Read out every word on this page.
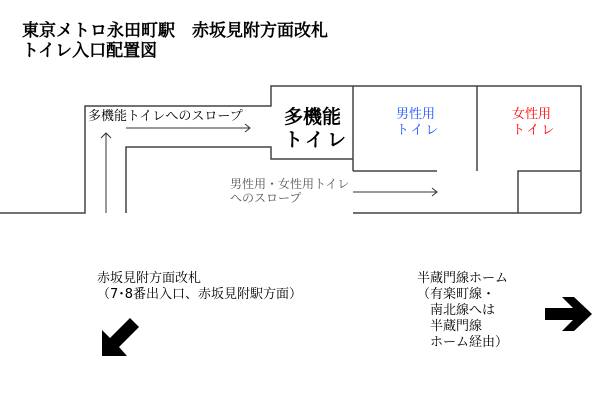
東京メトロ永田町駅　赤坂見附方面改札
トイレ入口配置図
多機能トイレへのスロープ 多機能
トイレ
男性用
トイレ
女性用
トイレ
男性用・女性用トイレ
へのスロープ
赤坂見附方面改札
（7･8番出入口、赤坂見附駅方面）
半蔵門線ホーム
（有楽町線・
　南北線へは
　半蔵門線
　ホーム経由）
